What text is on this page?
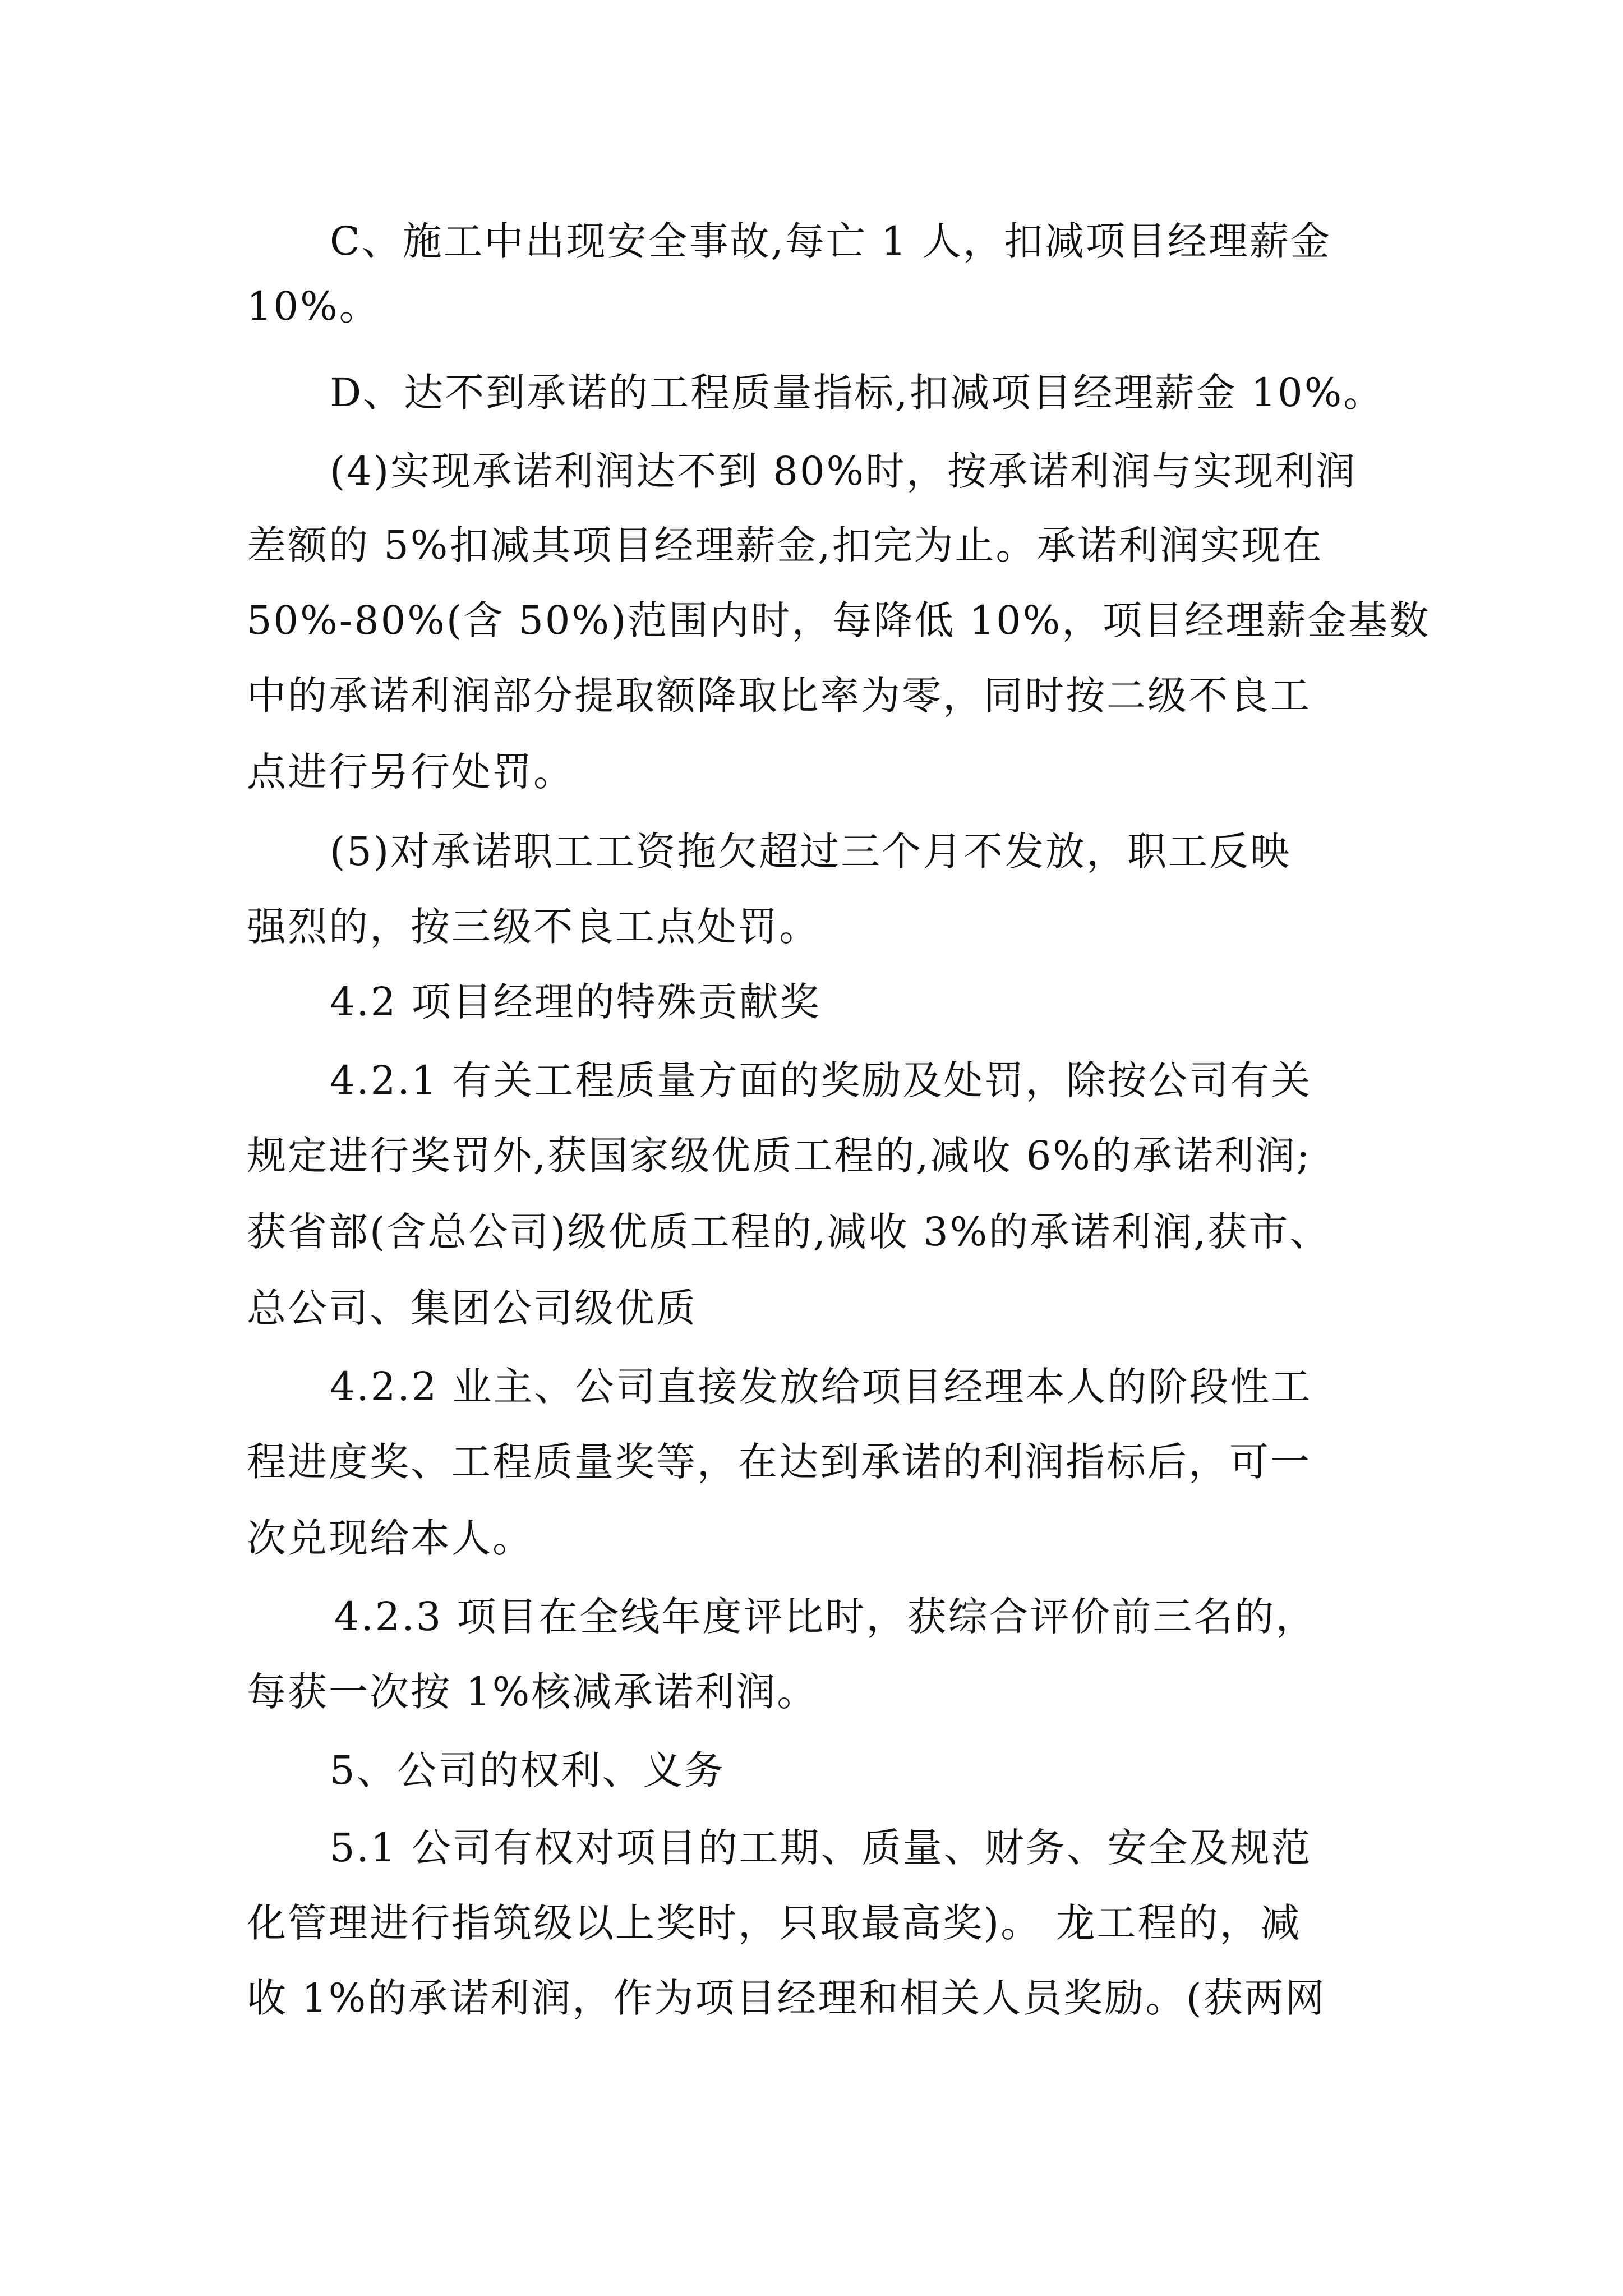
C、施工中出现安全事故,每亡 1 人，扣减项目经理薪金

10%。

D、达不到承诺的工程质量指标,扣减项目经理薪金 10%。

(4)实现承诺利润达不到 80%时，按承诺利润与实现利润

差额的 5%扣减其项目经理薪金,扣完为止。承诺利润实现在

50%-80%(含 50%)范围内时，每降低 10%，项目经理薪金基数

中的承诺利润部分提取额降取比率为零，同时按二级不良工

点进行另行处罚。

(5)对承诺职工工资拖欠超过三个月不发放，职工反映

强烈的，按三级不良工点处罚。

4.2 项目经理的特殊贡献奖

4.2.1 有关工程质量方面的奖励及处罚，除按公司有关

规定进行奖罚外,获国家级优质工程的,减收 6%的承诺利润;

获省部(含总公司)级优质工程的,减收 3%的承诺利润,获市、

总公司、集团公司级优质

4.2.2 业主、公司直接发放给项目经理本人的阶段性工

程进度奖、工程质量奖等，在达到承诺的利润指标后，可一

次兑现给本人。

4.2.3 项目在全线年度评比时，获综合评价前三名的，

每获一次按 1%核减承诺利润。

5、公司的权利、义务

5.1 公司有权对项目的工期、质量、财务、安全及规范

化管理进行指筑级以上奖时，只取最高奖)。 龙工程的，减

收 1%的承诺利润，作为项目经理和相关人员奖励。(获两网
